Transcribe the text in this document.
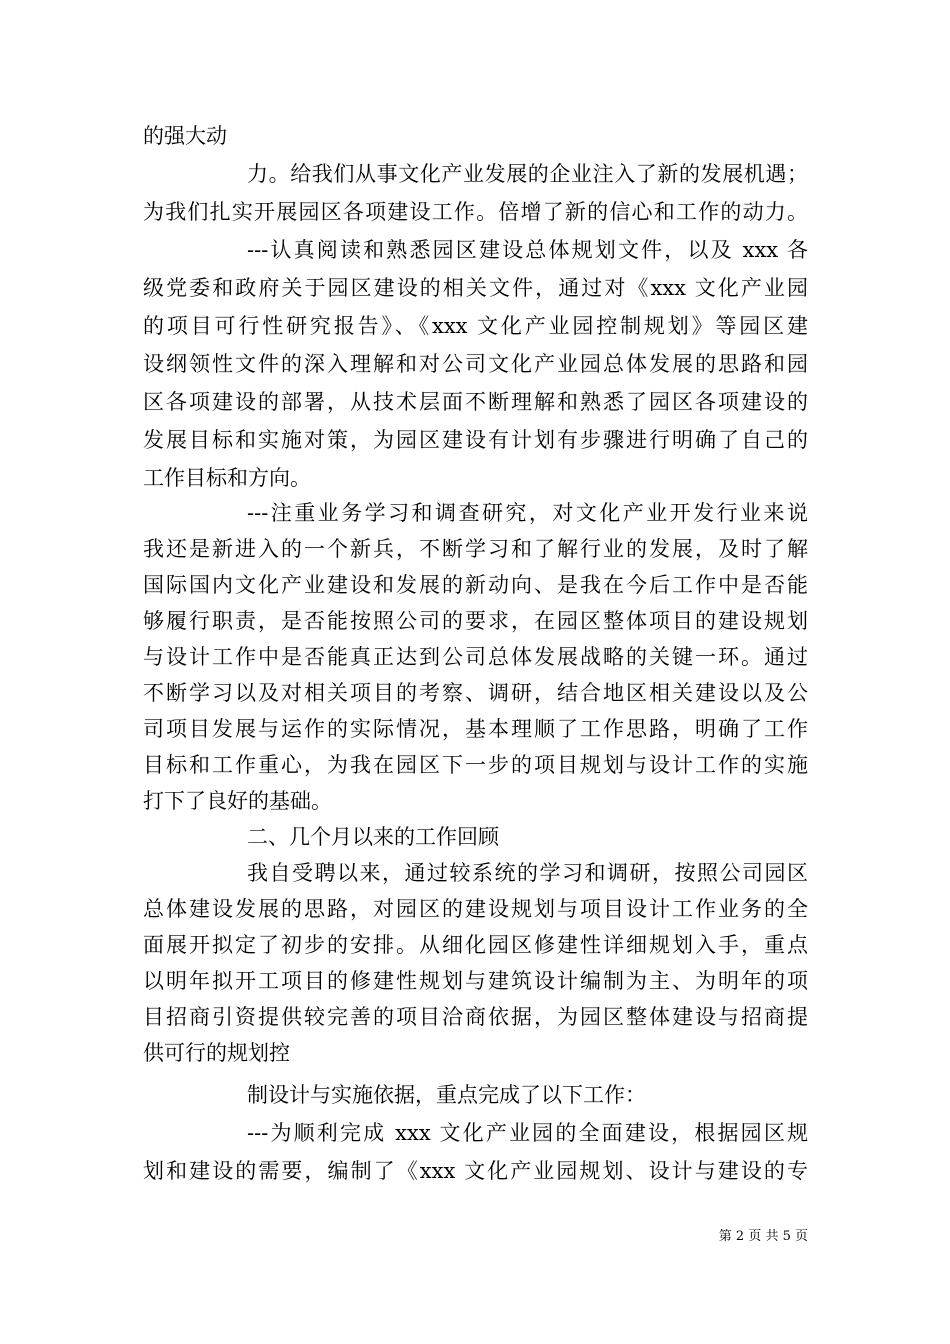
的强大动
力。给我们从事文化产业发展的企业注入了新的发展机遇；
为我们扎实开展园区各项建设工作。倍增了新的信心和工作的动力。
---认真阅读和熟悉园区建设总体规划文件，以及 xxx 各
级党委和政府关于园区建设的相关文件，通过对《xxx 文化产业园
的项目可行性研究报告》、《xxx 文化产业园控制规划》等园区建
设纲领性文件的深入理解和对公司文化产业园总体发展的思路和园
区各项建设的部署，从技术层面不断理解和熟悉了园区各项建设的
发展目标和实施对策，为园区建设有计划有步骤进行明确了自己的
工作目标和方向。
---注重业务学习和调查研究，对文化产业开发行业来说
我还是新进入的一个新兵，不断学习和了解行业的发展，及时了解
国际国内文化产业建设和发展的新动向、是我在今后工作中是否能
够履行职责，是否能按照公司的要求，在园区整体项目的建设规划
与设计工作中是否能真正达到公司总体发展战略的关键一环。通过
不断学习以及对相关项目的考察、调研，结合地区相关建设以及公
司项目发展与运作的实际情况，基本理顺了工作思路，明确了工作
目标和工作重心，为我在园区下一步的项目规划与设计工作的实施
打下了良好的基础。
二、几个月以来的工作回顾
我自受聘以来，通过较系统的学习和调研，按照公司园区
总体建设发展的思路，对园区的建设规划与项目设计工作业务的全
面展开拟定了初步的安排。从细化园区修建性详细规划入手，重点
以明年拟开工项目的修建性规划与建筑设计编制为主、为明年的项
目招商引资提供较完善的项目洽商依据，为园区整体建设与招商提
供可行的规划控
制设计与实施依据，重点完成了以下工作：
---为顺利完成 xxx 文化产业园的全面建设，根据园区规
划和建设的需要，编制了《xxx 文化产业园规划、设计与建设的专
第 2 页 共 5 页
